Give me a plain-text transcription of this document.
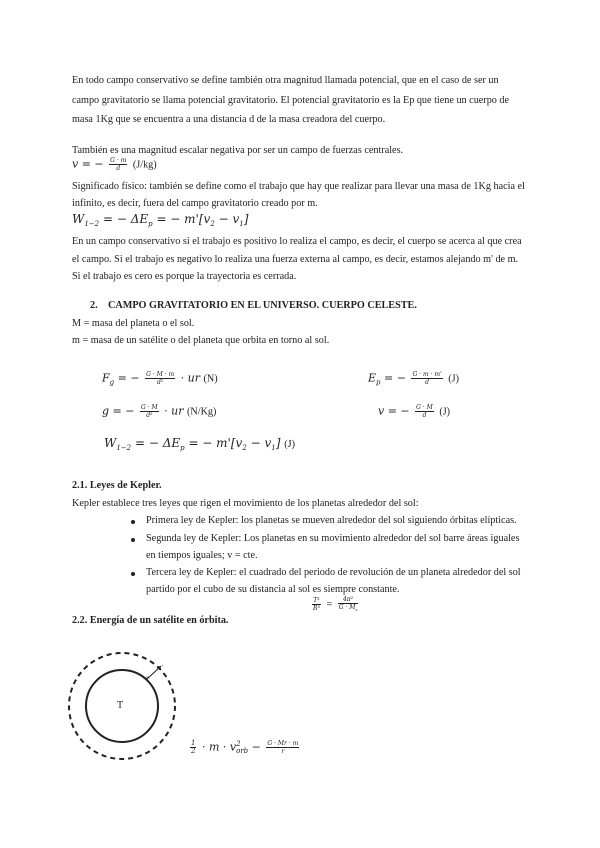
En todo campo conservativo se define también otra magnitud llamada potencial, que en el caso de ser un
campo gravitatorio se llama potencial gravitatorio. El potencial gravitatorio es la Ep que tiene un cuerpo de
masa 1Kg que se encuentra a una distancia d de la masa creadora del cuerpo.
También es una magnitud escalar negativa por ser un campo de fuerzas centrales.
v = − $\frac{G \cdot m}{d} (J/kg)$
Significado físico: también se define como el trabajo que hay que realizar para llevar una masa de 1Kg hacia el
infinito, es decir, fuera del campo gravitatorio creado por m.
$W_{1-2}$ = − $\Delta E_p$ = − $m'[v_2 - v_1]$
En un campo conservativo si el trabajo es positivo lo realiza el campo, es decir, el cuerpo se acerca al que crea
el campo. Si el trabajo es negativo lo realiza una fuerza externa al campo, es decir, estamos alejando m' de m.
Si el trabajo es cero es porque la trayectoria es cerrada.
2. CAMPO GRAVITATORIO EN EL UNIVERSO. CUERPO CELESTE.
M = masa del planeta o el sol.
m = masa de un satélite o del planeta que orbita en torno al sol.
$F_g$ = − $\frac{G \cdot M \cdot m}{\text{d²}}$ · ur (N)	$E_p$ = − $\frac{G \cdot m \cdot m'}{d} (J)$
g = − $\frac{G \cdot M}{\text{d²}}$ · ur (N/Kg)	v = − $\frac{G \cdot M}{d} (J)$
$W_{1-2}$ = − $\Delta E_p$ = − $m'[v_2 - v_1]$ (J)
2.1. Leyes de Kepler.
Kepler establece tres leyes que rigen el movimiento de los planetas alrededor del sol:
Primera ley de Kepler: los planetas se mueven alrededor del sol siguiendo órbitas elípticas.
Segunda ley de Kepler: Los planetas en su movimiento alrededor del sol barre áreas iguales
en tiempos iguales; v = cte.
Tercera ley de Kepler: el cuadrado del periodo de revolución de un planeta alrededor del sol
partido por el cubo de su distancia al sol es siempre constante.
$\frac{\text{T²}}{\text{R³}} = \frac{\text{4π²}}{G \cdot M_s}$
2.2. Energía de un satélite en órbita.
T
r
m'
$\frac{1}{2} \cdot m \cdot v$ 2
orb − $\frac{G \cdot Mr \cdot m}{r}$
